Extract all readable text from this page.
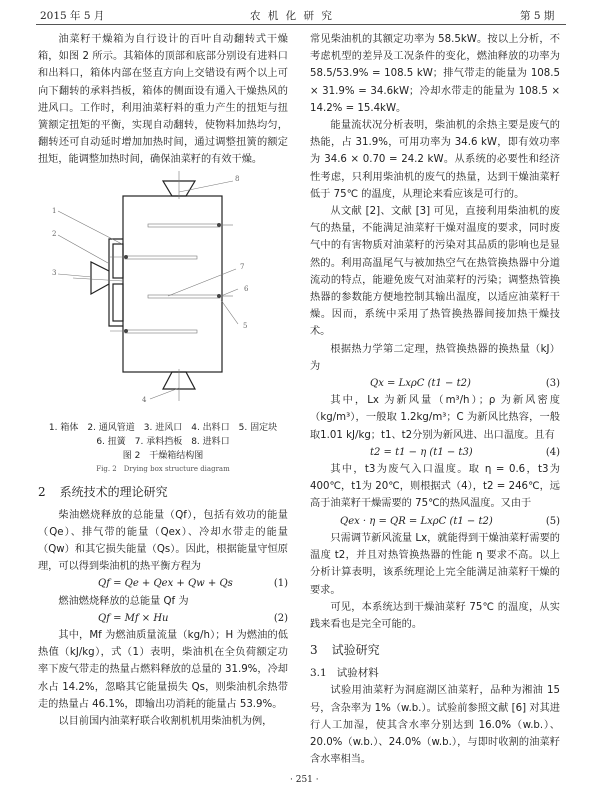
2015 年 5 月	农 机 化 研 究	第 5 期

油菜籽干燥箱为自行设计的百叶自动翻转式干燥箱，如图 2 所示。其箱体的顶部和底部分别设有进料口和出料口，箱体内部在竖直方向上交错设有两个以上可向下翻转的承料挡板，箱体的侧面设有通入干燥热风的进风口。工作时，利用油菜籽料的重力产生的扭矩与扭簧额定扭矩的平衡，实现自动翻转，使物料加热均匀，翻转还可自动延时增加加热时间，通过调整扭簧的额定扭矩，能调整加热时间，确保油菜籽的有效干燥。

1
2
3
4
5
6
7
8
1. 箱体　2. 通风管道　3. 进风口　4. 出料口　5. 固定块
6. 扭簧　7. 承料挡板　8. 进料口
图 2　干燥箱结构图
Fig. 2　Drying box structure diagram
2 系统技术的理论研究

柴油燃烧释放的总能量（Qf），包括有效功的能量（Qe）、排气带的能量（Qex）、冷却水带走的能量（Qw）和其它损失能量（Qs）。因此，根据能量守恒原理，可以得到柴油机的热平衡方程为

Qf = Qe + Qex + Qw + Qs	(1)

燃油燃烧释放的总能量 Qf 为

Qf = Mf × Hu	(2)

其中，Mf 为燃油质量流量（kg/h）；H 为燃油的低热值（kJ/kg），式（1）表明，柴油机在全负荷额定功率下废气带走的热量占燃料释放的总量的 31.9%，冷却水占 14.2%，忽略其它能量损失 Qs，则柴油机余热带走的热量占 46.1%，即输出功消耗的能量占 53.9%。

以目前国内油菜籽联合收割机机用柴油机为例，

常见柴油机的其额定功率为 58.5kW。按以上分析，不考虑机型的差异及工况条件的变化，燃油释放的功率为 58.5/53.9% = 108.5 kW；排气带走的能量为 108.5 × 31.9% = 34.6kW；冷却水带走的能量为 108.5 × 14.2% = 15.4kW。

能量流状况分析表明，柴油机的余热主要是废气的热能，占 31.9%，可用功率为 34.6 kW，即有效功率为 34.6 × 0.70 = 24.2 kW。从系统的必要性和经济性考虑，只利用柴油机的废气的热量，达到干燥油菜籽低于 75℃ 的温度，从理论来看应该是可行的。

从文献 [2]、文献 [3] 可见，直接利用柴油机的废气的热量，不能满足油菜籽干燥对温度的要求，同时废气中的有害物质对油菜籽的污染对其品质的影响也是显然的。利用高温尾气与被加热空气在热管换热器中分道流动的特点，能避免废气对油菜籽的污染；调整热管换热器的参数能方便地控制其输出温度，以适应油菜籽干燥。因而，系统中采用了热管换热器间接加热干燥技术。

根据热力学第二定理，热管换热器的换热量（kJ）为

Qx = LxρC (t1 − t2)	(3)

其中，Lx 为新风量（m³/h）；ρ 为新风密度（kg/m³），一般取 1.2kg/m³；C 为新风比热容，一般取1.01 kJ/kg；t1、t2分别为新风进、出口温度。且有

t2 = t1 − η (t1 − t3)	(4)

其中，t3为废气入口温度。取 η = 0.6，t3为 400℃，t1为 20℃，则根据式（4），t2 = 246℃，远高于油菜籽干燥需要的 75℃的热风温度。又由于

Qex · η = QR = LxρC (t1 − t2)	(5)

只需调节新风流量 Lx，就能得到干燥油菜籽需要的温度 t2，并且对热管换热器的性能 η 要求不高。以上分析计算表明，该系统理论上完全能满足油菜籽干燥的要求。

可见，本系统达到干燥油菜籽 75℃ 的温度，从实践来看也是完全可能的。

3 试验研究
3.1 试验材料

试验用油菜籽为洞庭湖区油菜籽，品种为湘油 15 号，含杂率为 1%（w.b.）。试验前参照文献 [6] 对其进行人工加湿，使其含水率分别达到 16.0%（w.b.）、20.0%（w.b.）、24.0%（w.b.），与即时收割的油菜籽含水率相当。

· 251 ·
